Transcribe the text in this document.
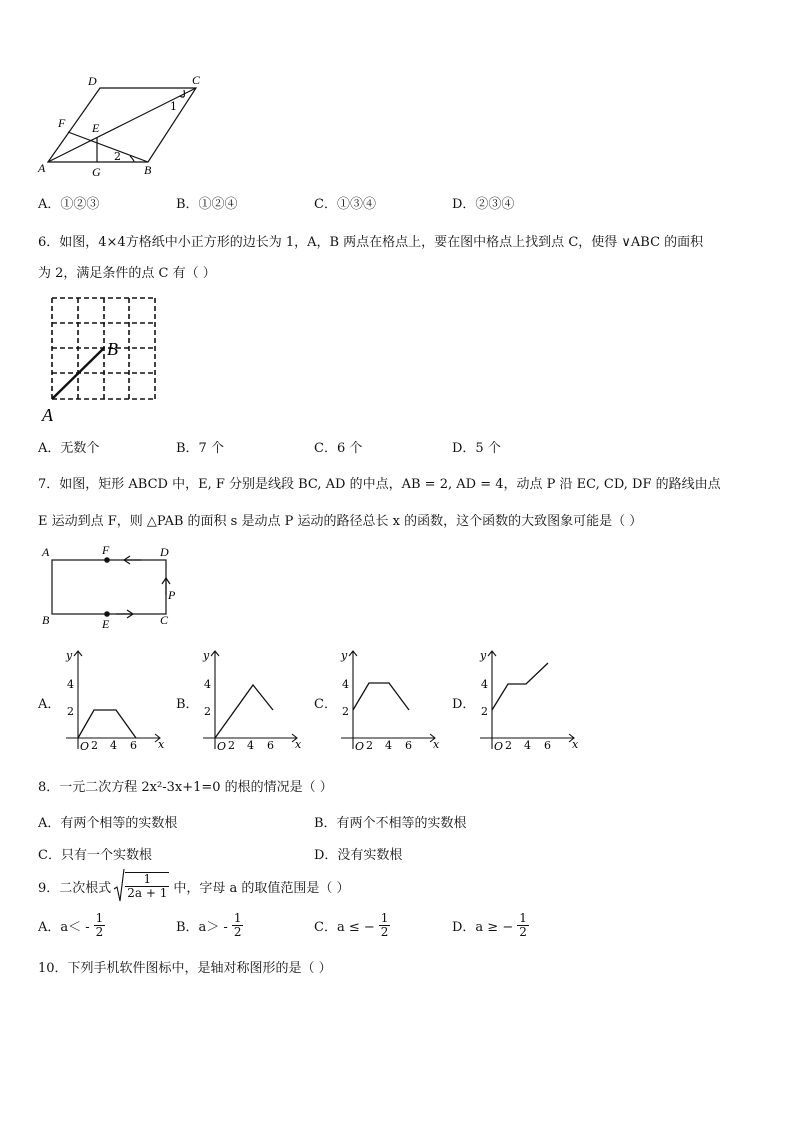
D	C
F E
A	G	B
1
2
A．①②③	B．①②④	C．①③④	D．②③④
6．如图，4×4方格纸中小正方形的边长为 1，A，B 两点在格点上，要在图中格点上找到点 C，使得 ∨ABC 的面积
为 2，满足条件的点 C 有（ ）
A
B
A．无数个	B．7 个	C．6 个	D．5 个
7．如图，矩形 ABCD 中，E, F 分别是线段 BC, AD 的中点，AB = 2, AD = 4，动点 P 沿 EC, CD, DF 的路线由点
E 运动到点 F，则 △PAB 的面积 s 是动点 P 运动的路径总长 x 的函数，这个函数的大致图象可能是（ ）
A	F	D
B	E	C
P
A．
y
x
O 2 4 6
2
4
B．
y
x
O 2 4 6
2
4
C．
y
x
O 2 4 6
2
4
D．
y
x
O 2 4 6
2
4
8．一元二次方程 2x²-3x+1=0 的根的情况是（ ）
A．有两个相等的实数根	B．有两个不相等的实数根
C．只有一个实数根	D．没有实数根
9．二次根式 $\frac{1}{2a + 1}$ 中，字母 a 的取值范围是（ ）
A．$a< - \frac{1}{2}$	B．$a> - \frac{1}{2}$	C．a ≤ − $\frac{1}{2}$	D．a ≥ − $\frac{1}{2}$
10．下列手机软件图标中，是轴对称图形的是（ ）
